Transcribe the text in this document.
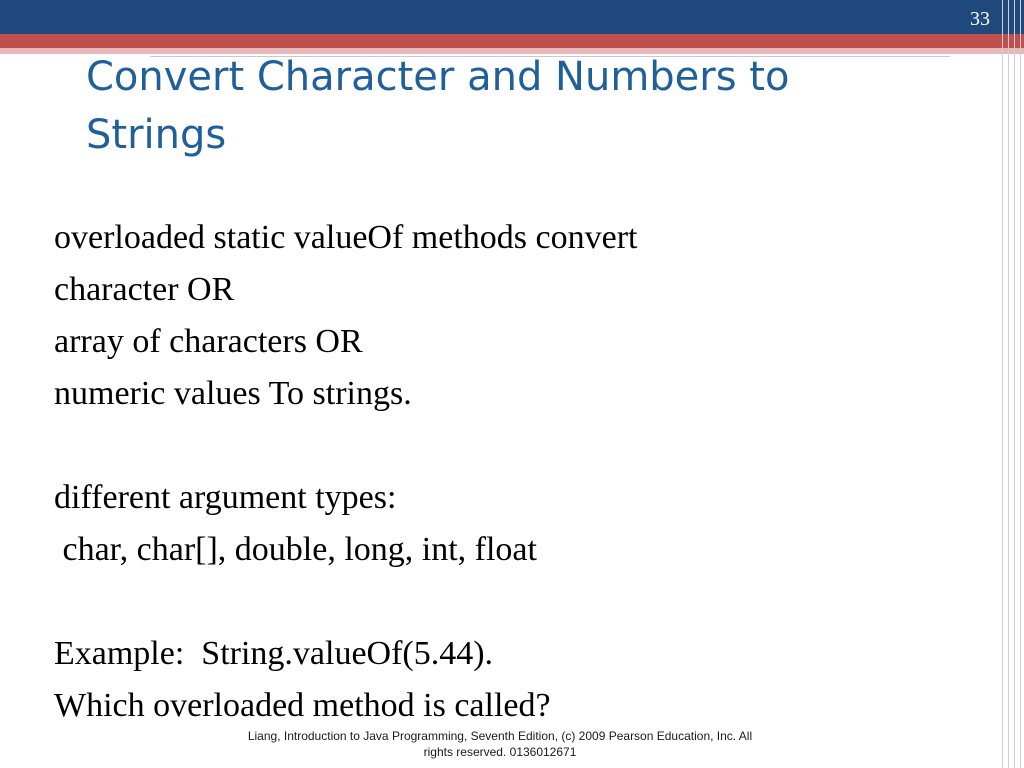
33
Convert Character and Numbers to
Strings
overloaded static valueOf methods convert
character OR
array of characters OR
numeric values To strings.
different argument types:
char, char[], double, long, int, float
Example:  String.valueOf(5.44).
Which overloaded method is called?
Liang, Introduction to Java Programming, Seventh Edition, (c) 2009 Pearson Education, Inc. All
rights reserved. 0136012671
